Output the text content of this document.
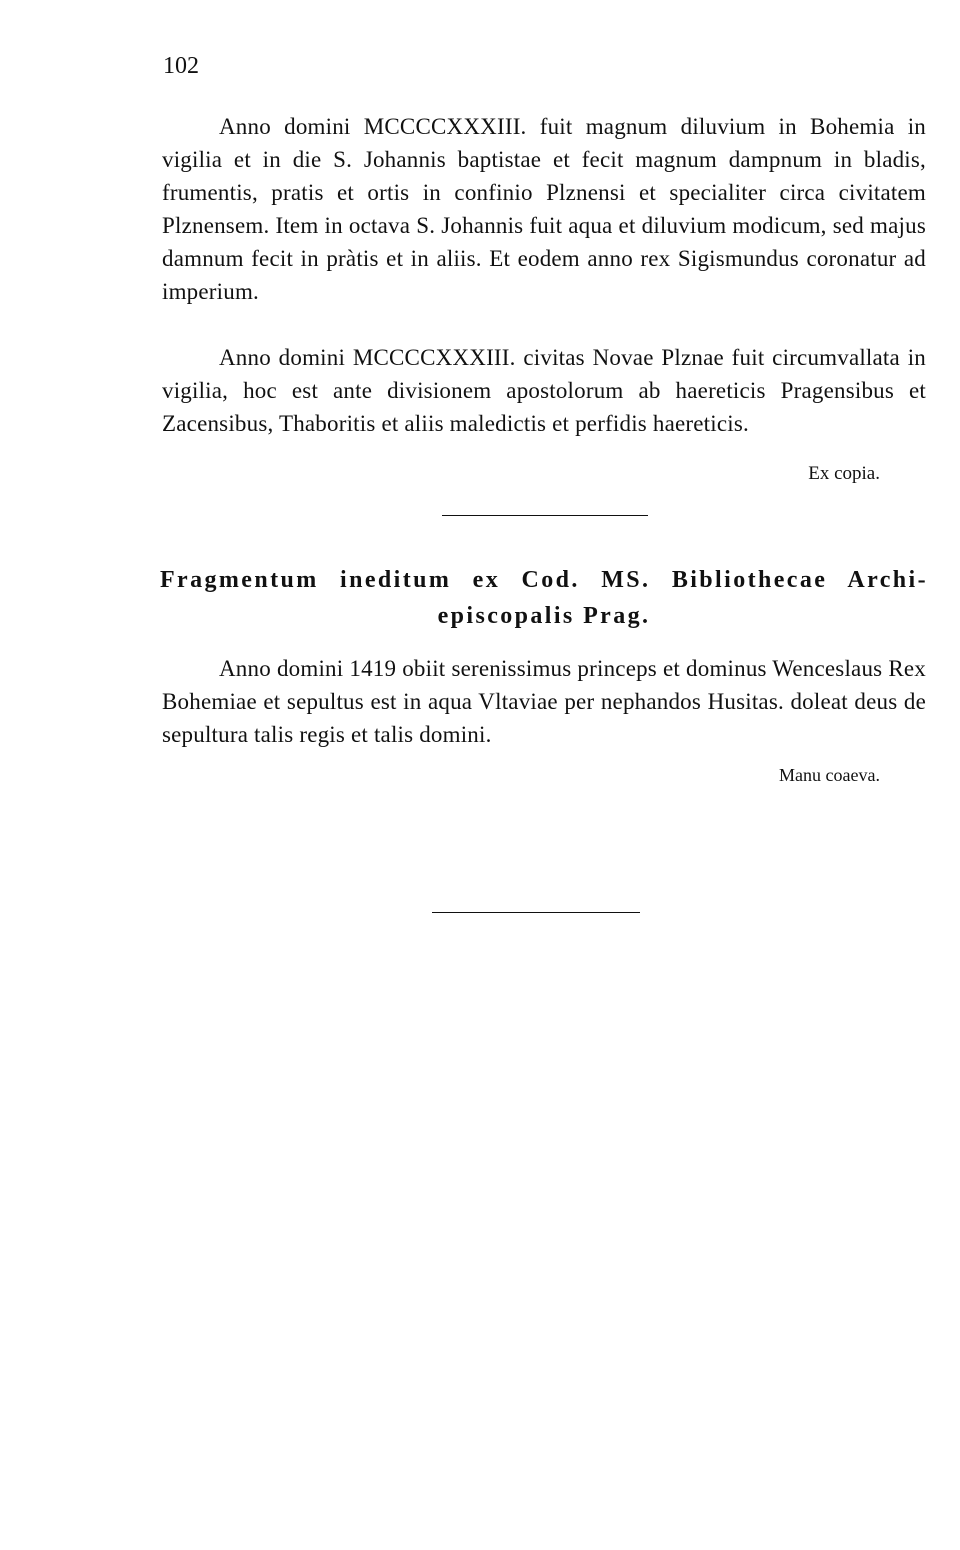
102

Anno domini MCCCCXXXIII. fuit magnum diluvium in Bohemia in vigilia et in die S. Johannis baptistae et fecit magnum dampnum in bladis, frumentis, pratis et ortis in confinio Plznensi et specialiter circa civitatem Plznensem. Item in octava S. Johannis fuit aqua et diluvium modicum, sed majus damnum fecit in pràtis et in aliis. Et eodem anno rex Sigismundus coronatur ad imperium.

Anno domini MCCCCXXXIII. civitas Novae Plznae fuit circumvallata in vigilia, hoc est ante divisionem apostolorum ab haereticis Pragensibus et Zacensibus, Thaboritis et aliis maledictis et perfidis haereticis.

Ex copia.

Fragmentum ineditum ex Cod. MS. Bibliothecae Archi-
episcopalis Prag.

Anno domini 1419 obiit serenissimus princeps et dominus Wenceslaus Rex Bohemiae et sepultus est in aqua Vltaviae per nephandos Husitas. doleat deus de sepultura talis regis et talis domini.

Manu coaeva.
